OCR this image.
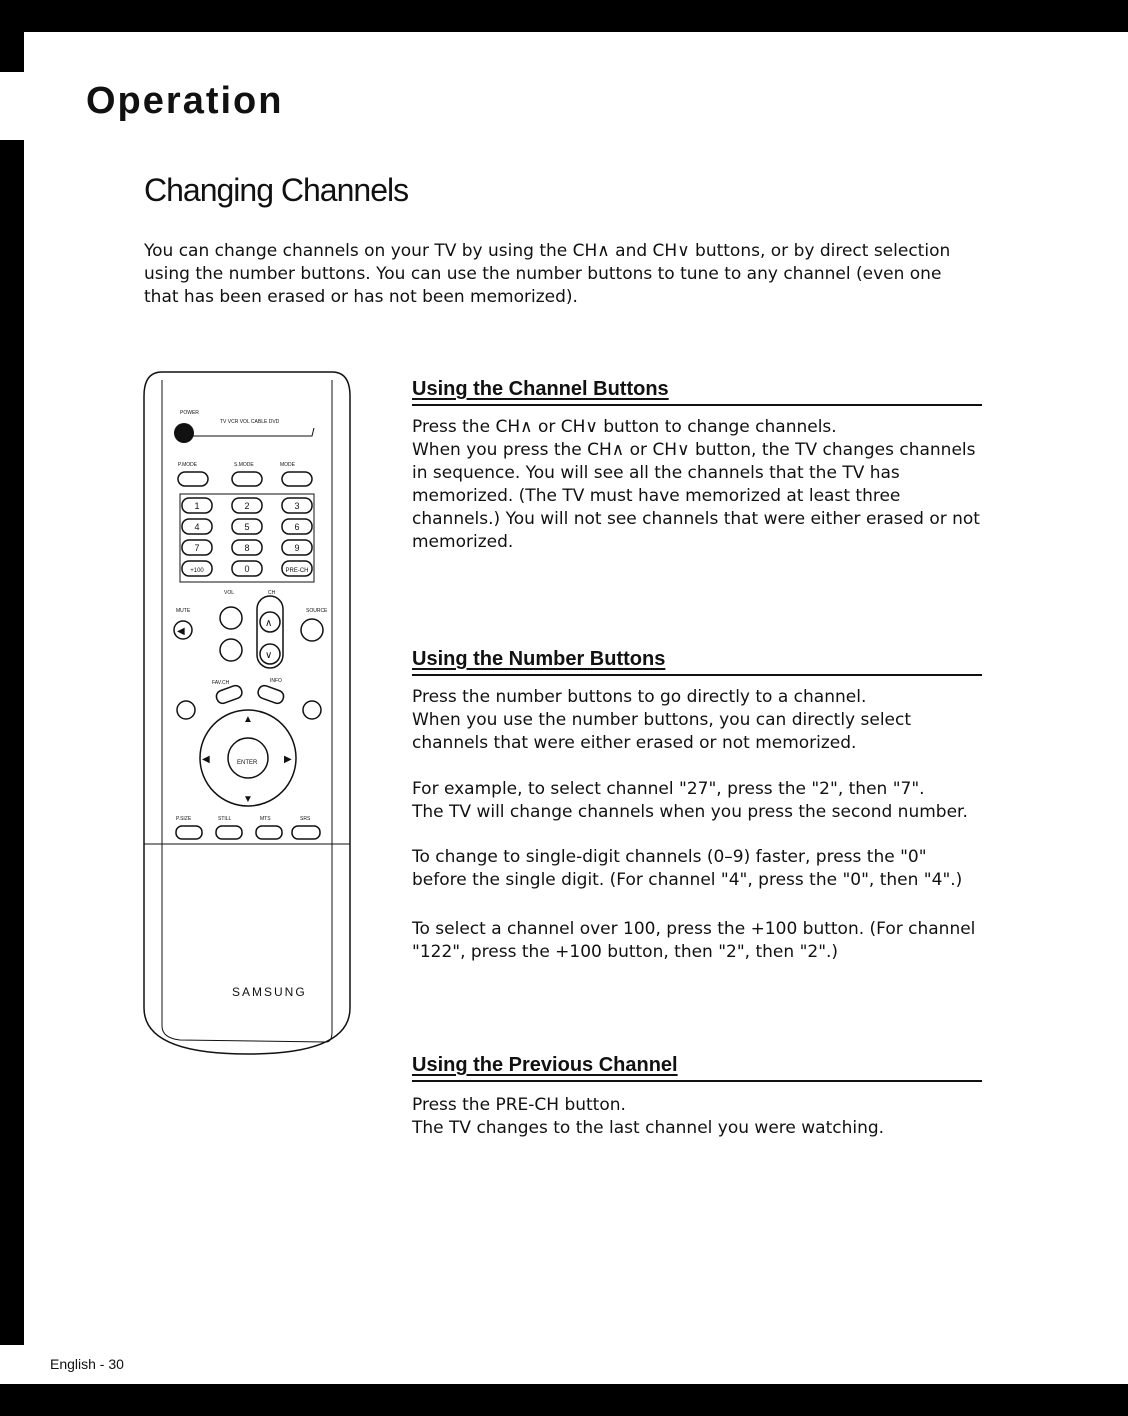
Operation
Changing Channels

You can change channels on your TV by using the CH∧ and CH∨ buttons, or by direct selection using the number buttons. You can use the number buttons to tune to any channel (even one that has been erased or has not been memorized).

POWER
TV VCR VOL CABLE DVD
P.MODE	S.MODE	MODE
1	2	3
4	5	6
7	8	9
+100	0	PRE-CH
VOL	CH
MUTE	SOURCE
∧
∨
◀
FAV.CH	INFO
▲
▼
◀	▶
ENTER
P.SIZE	STILL	MTS	SRS
SAMSUNG
Using the Channel Buttons

Press the CH∧ or CH∨ button to change channels.
When you press the CH∧ or CH∨ button, the TV changes channels in sequence. You will see all the channels that the TV has memorized. (The TV must have memorized at least three channels.) You will not see channels that were either erased or not memorized.

Using the Number Buttons

Press the number buttons to go directly to a channel.
When you use the number buttons, you can directly select channels that were either erased or not memorized.

For example, to select channel "27", press the "2", then "7".
The TV will change channels when you press the second number.

To change to single-digit channels (0–9) faster, press the "0" before the single digit. (For channel "4", press the "0", then "4".)

To select a channel over 100, press the +100 button. (For channel "122", press the +100 button, then "2", then "2".)

Using the Previous Channel

Press the PRE-CH button.
The TV changes to the last channel you were watching.

English - 30
